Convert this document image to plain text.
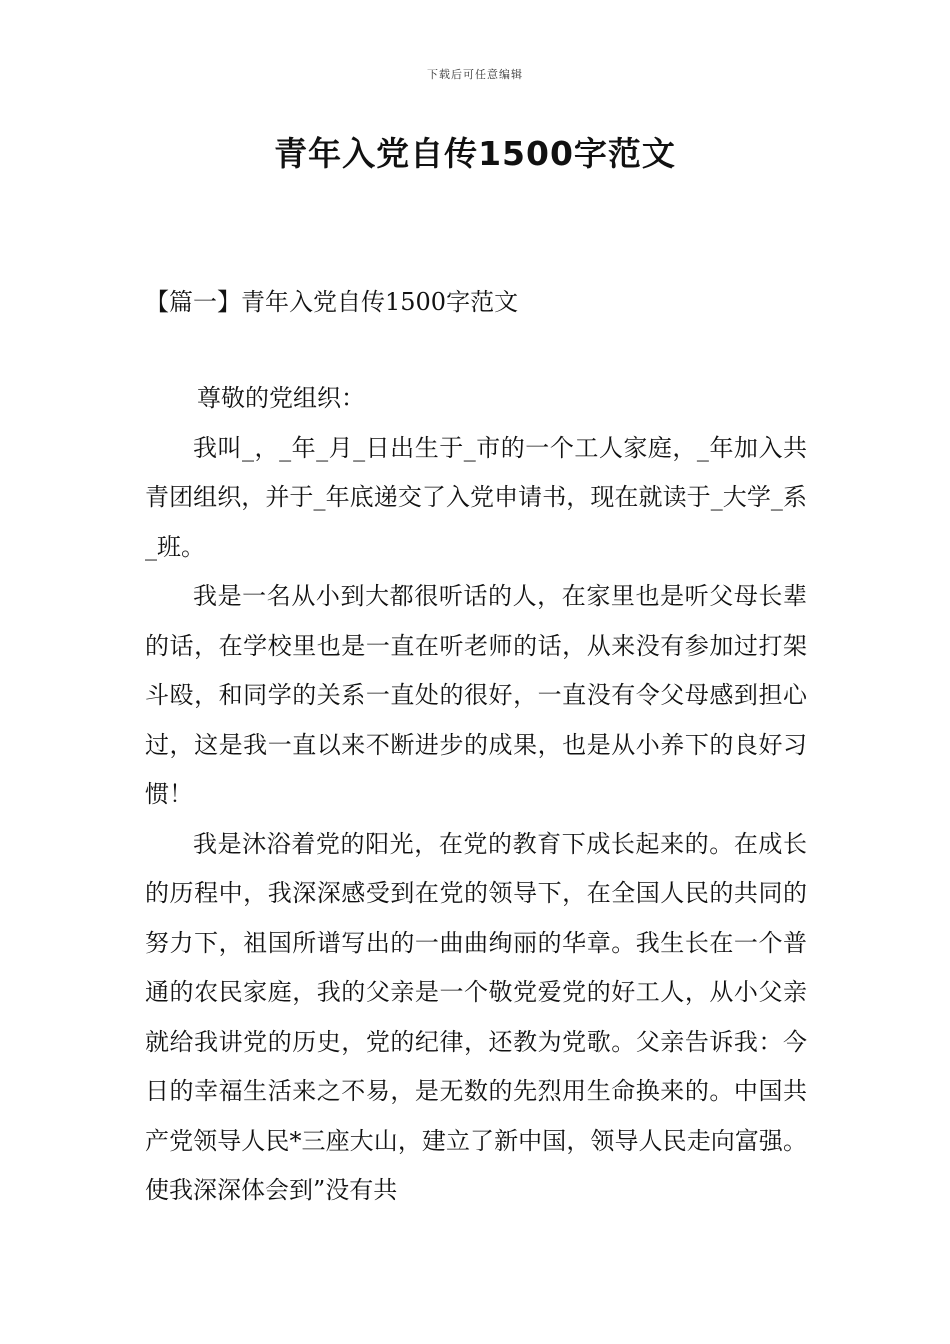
下载后可任意编辑
青年入党自传1500字范文
【篇一】青年入党自传1500字范文

尊敬的党组织：

我叫_，_年_月_日出生于_市的一个工人家庭，_年加入共青团组织，并于_年底递交了入党申请书，现在就读于_大学_系_班。

我是一名从小到大都很听话的人，在家里也是听父母长辈的话，在学校里也是一直在听老师的话，从来没有参加过打架斗殴，和同学的关系一直处的很好，一直没有令父母感到担心过，这是我一直以来不断进步的成果，也是从小养下的良好习惯！

我是沐浴着党的阳光，在党的教育下成长起来的。在成长的历程中，我深深感受到在党的领导下，在全国人民的共同的努力下，祖国所谱写出的一曲曲绚丽的华章。我生长在一个普通的农民家庭，我的父亲是一个敬党爱党的好工人，从小父亲就给我讲党的历史，党的纪律，还教为党歌。父亲告诉我：今日的幸福生活来之不易，是无数的先烈用生命换来的。中国共产党领导人民*三座大山，建立了新中国，领导人民走向富强。使我深深体会到”没有共
